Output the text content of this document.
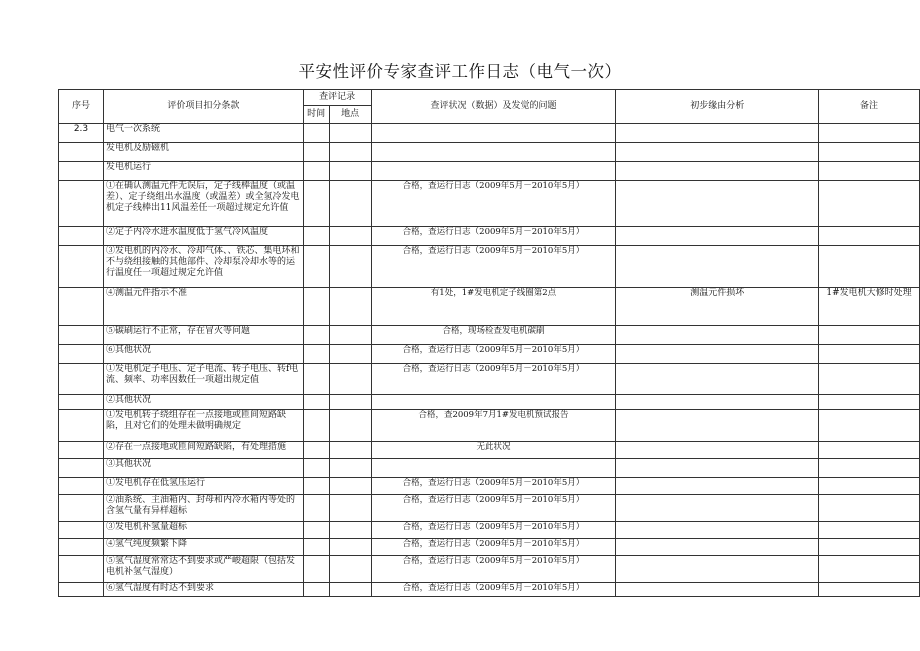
平安性评价专家查评工作日志（电气一次）
序号	评价项目扣分条款	查评记录		查评状况（数据）及发觉的问题	初步缘由分析	备注
		时间	地点			
2.3	电气一次系统					
	发电机及励磁机					
	发电机运行					
	①在确认测温元件无误后，定子线棒温度（或温差）、定子绕组出水温度（或温差）或全氢冷发电机定子线棒出11风温差任一项超过规定允许值			合格，查运行日志（2009年5月－2010年5月）		
	②定子内冷水进水温度低于氢气冷风温度			合格，查运行日志（2009年5月－2010年5月）		
	③发电机的内冷水、冷却气体、、铁芯、集电环和不与绕组接触的其他部件、冷却泵冷却水等的运行温度任一项超过规定允许值			合格，查运行日志（2009年5月－2010年5月）		
	④测温元件指示不准			有1处，1#发电机定子线圈第2点	测温元件损坏	1#发电机大修时处理
	⑤碳刷运行不正常，存在冒火等问题			合格，现场检查发电机碳刷		
	⑥其他状况			合格，查运行日志（2009年5月－2010年5月）		
	①发电机定子电压、定子电流、转子电压、转f电流、频率、功率因数任一项超出规定值			合格，查运行日志（2009年5月－2010年5月）		
	②其他状况					
	①发电机转子绕组存在一点接地或匝间短路缺陷，且对它们的处理未做明确规定			合格，查2009年7月1#发电机预试报告		
	②存在一点接地或匝间短路缺陷，有处理措施			无此状况		
	③其他状况					
	①发电机存在低氢压运行			合格，查运行日志（2009年5月－2010年5月）		
	②油系统、主油箱内、封母和内冷水箱内等处的含氢气量有异样超标			合格，查运行日志（2009年5月－2010年5月）		
	③发电机补氢量超标			合格，查运行日志（2009年5月－2010年5月）		
	④氢气纯度频繁下降			合格，查运行日志（2009年5月－2010年5月）		
	⑤氢气湿度常常达不到要求或严峻超限（包括发电机补氢气湿度）			合格，查运行日志（2009年5月－2010年5月）		
	⑥氢气湿度有时达不到要求			合格，查运行日志（2009年5月－2010年5月）		
